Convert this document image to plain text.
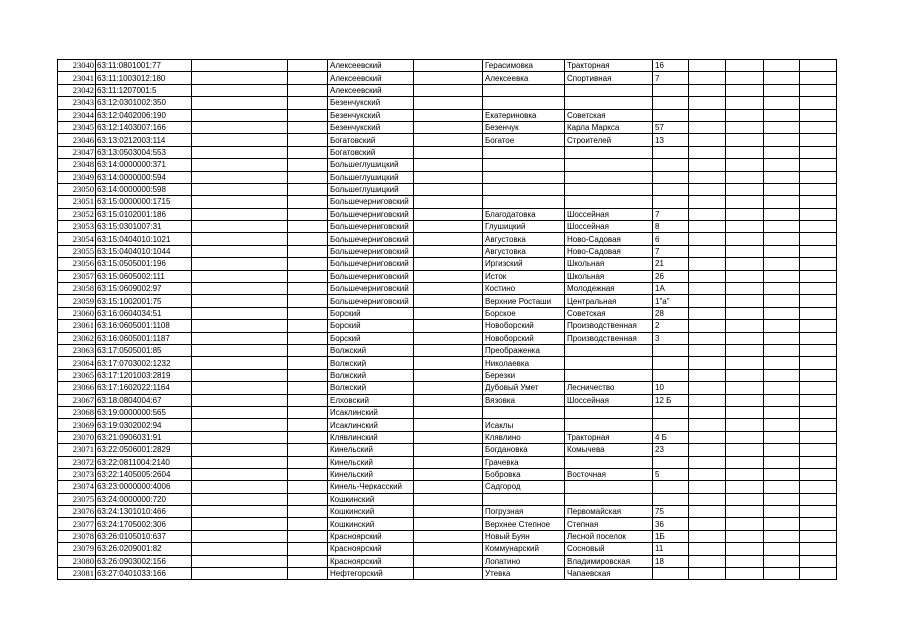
23040	63:11:0801001:77			Алексеевский		Герасимовка	Тракторная	16				
23041	63:11:1003012:180			Алексеевский		Алексеевка	Спортивная	7				
23042	63:11:1207001:5			Алексеевский								
23043	63:12:0301002:350			Безенчукский								
23044	63:12:0402006:190			Безенчукский		Екатериновка	Советская					
23045	63:12:1403007:166			Безенчукский		Безенчук	Карла Маркса	57				
23046	63:13:0212003:114			Богатовский		Богатое	Строителей	13				
23047	63:13:0503004:553			Богатовский								
23048	63:14:0000000:371			Большеглушицкий								
23049	63:14:0000000:594			Большеглушицкий								
23050	63:14:0000000:598			Большеглушицкий								
23051	63:15:0000000:1715			Большечерниговский								
23052	63:15:0102001:186			Большечерниговский		Благодатовка	Шоссейная	7				
23053	63:15:0301007:31			Большечерниговский		Глушицкий	Шоссейная	8				
23054	63:15:0404010:1021			Большечерниговский		Августовка	Ново-Садовая	6				
23055	63:15:0404010:1044			Большечерниговский		Августовка	Ново-Садовая	7				
23056	63:15:0505001:196			Большечерниговский		Иргизский	Школьная	21				
23057	63:15:0605002:111			Большечерниговский		Исток	Школьная	26				
23058	63:15:0609002:97			Большечерниговский		Костино	Молодежная	1А				
23059	63:15:1002001:75			Большечерниговский		Верхние Росташи	Центральная	1"а"				
23060	63:16:0604034:51			Борский		Борское	Советская	28				
23061	63:16:0605001:1108			Борский		Новоборский	Производственная	2				
23062	63:16:0605001:1187			Борский		Новоборский	Производственная	3				
23063	63:17:0505001:85			Волжский		Преображенка						
23064	63:17:0703002:1232			Волжский		Николаевка						
23065	63:17:1201003:2819			Волжский		Березки						
23066	63:17:1602022:1164			Волжский		Дубовый Умет	Лесничество	10				
23067	63:18:0804004:67			Елховский		Вязовка	Шоссейная	12 Б				
23068	63:19:0000000:565			Исаклинский								
23069	63:19:0302002:94			Исаклинский		Исаклы						
23070	63:21:0906031:91			Клявлинский		Клявлино	Тракторная	4 Б				
23071	63:22:0506001:2829			Кинельский		Богдановка	Комычева	23				
23072	63:22:0811004:2140			Кинельский		Грачевка						
23073	63:22:1405005:2604			Кинельский		Бобровка	Восточная	5				
23074	63:23:0000000:4006			Кинель-Черкасский		Садгород						
23075	63:24:0000000:720			Кошкинский								
23076	63:24:1301010:466			Кошкинский		Погрузная	Первомайская	75				
23077	63:24:1705002:306			Кошкинский		Верхнее Степное	Степная	36				
23078	63:26:0105010:637			Красноярский		Новый Буян	Лесной поселок	1Б				
23079	63:26:0209001:82			Красноярский		Коммунарский	Сосновый	11				
23080	63:26:0903002:156			Красноярский		Лопатино	Владимировская	18				
23081	63:27:0401033:166			Нефтегорский		Утевка	Чапаевская					
